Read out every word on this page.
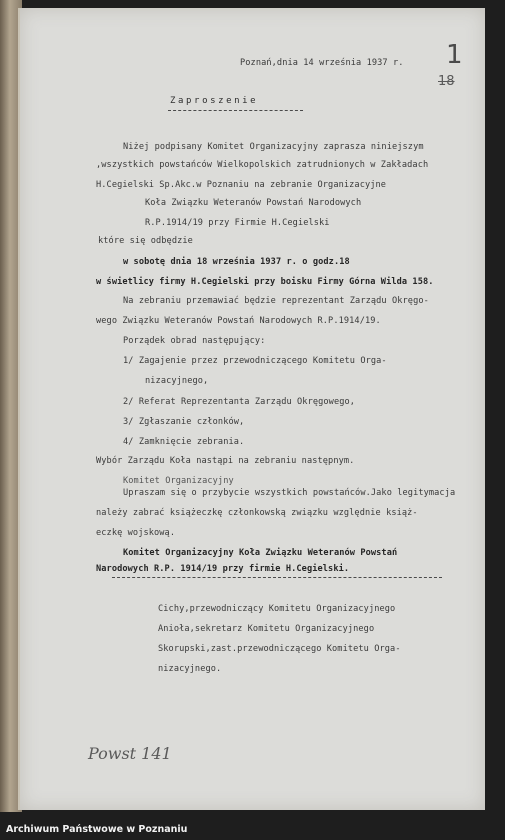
Poznań,dnia 14 września 1937 r. 1
18
Zaproszenie
Niżej podpisany Komitet Organizacyjny zaprasza niniejszym
,wszystkich powstańców Wielkopolskich zatrudnionych w Zakładach
H.Cegielski Sp.Akc.w Poznaniu na zebranie Organizacyjne
Koła Związku Weteranów Powstań Narodowych
R.P.1914/19 przy Firmie H.Cegielski
które się odbędzie
w sobotę dnia 18 września 1937 r. o godz.18
w świetlicy firmy H.Cegielski przy boisku Firmy Górna Wilda 158.
Na zebraniu przemawiać będzie reprezentant Zarządu Okręgo-
wego Związku Weteranów Powstań Narodowych R.P.1914/19.
Porządek obrad następujący:
1/ Zagajenie przez przewodniczącego Komitetu Orga-
nizacyjnego,
2/ Referat Reprezentanta Zarządu Okręgowego,
3/ Zgłaszanie członków,
4/ Zamknięcie zebrania.
Wybór Zarządu Koła nastąpi na zebraniu następnym.
Komitet Organizacyjny
Upraszam się o przybycie wszystkich powstańców.Jako legitymacja
należy zabrać książeczkę członkowską związku względnie książ-
eczkę wojskową.
Komitet Organizacyjny Koła Związku Weteranów Powstań
Narodowych R.P. 1914/19 przy firmie H.Cegielski.
Cichy,przewodniczący Komitetu Organizacyjnego
Aniołа,sekretarz Komitetu Organizacyjnego
Skorupski,zast.przewodniczącego Komitetu Orga-
nizacyjnego.
Powst 141
Archiwum Państwowe w Poznaniu
